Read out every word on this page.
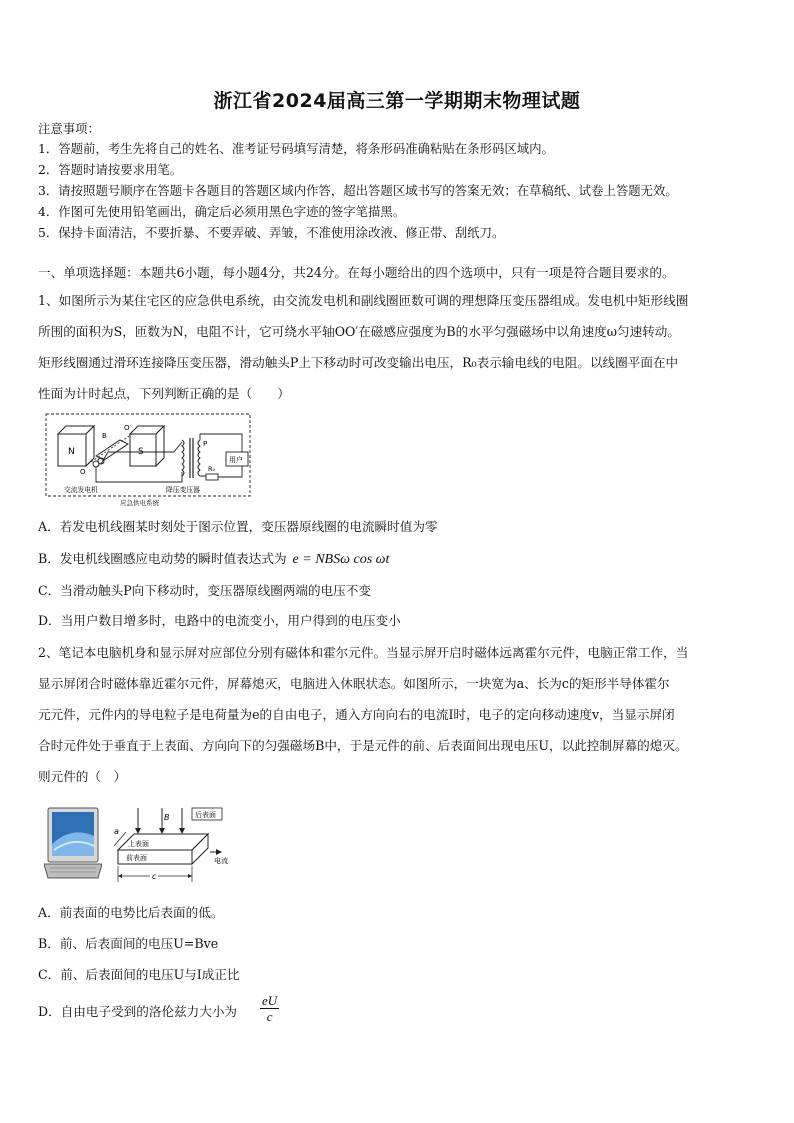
浙江省2024届高三第一学期期末物理试题
注意事项：
1．答题前，考生先将自己的姓名、准考证号码填写清楚，将条形码准确粘贴在条形码区域内。
2．答题时请按要求用笔。
3．请按照题号顺序在答题卡各题目的答题区域内作答，超出答题区域书写的答案无效；在草稿纸、试卷上答题无效。
4．作图可先使用铅笔画出，确定后必须用黑色字迹的签字笔描黑。
5．保持卡面清洁，不要折暴、不要弄破、弄皱，不准使用涂改液、修正带、刮纸刀。
一、单项选择题：本题共6小题，每小题4分，共24分。在每小题给出的四个选项中，只有一项是符合题目要求的。
1、如图所示为某住宅区的应急供电系统，由交流发电机和副线圈匝数可调的理想降压变压器组成。发电机中矩形线圈
所围的面积为S，匝数为N，电阻不计，它可绕水平轴OO′在磁感应强度为B的水平匀强磁场中以角速度ω匀速转动。
矩形线圈通过滑环连接降压变压器，滑动触头P上下移动时可改变输出电压，R₀表示输电线的电阻。以线圈平面在中
性面为计时起点，下列判断正确的是（　　）
N	S
B
O′
O
P
R₀
用户
交流发电机	降压变压器
应急供电系统
A．若发电机线圈某时刻处于图示位置，变压器原线圈的电流瞬时值为零
B．发电机线圈感应电动势的瞬时值表达式为 e = NBSω cos ωt
C．当滑动触头P向下移动时，变压器原线圈两端的电压不变
D．当用户数目增多时，电路中的电流变小，用户得到的电压变小
2、笔记本电脑机身和显示屏对应部位分别有磁体和霍尔元件。当显示屏开启时磁体远离霍尔元件，电脑正常工作，当
显示屏闭合时磁体靠近霍尔元件，屏幕熄灭，电脑进入休眠状态。如图所示，一块宽为a、长为c的矩形半导体霍尔
元元件，元件内的导电粒子是电荷量为e的自由电子，通入方向向右的电流I时，电子的定向移动速度v，当显示屏闭
合时元件处于垂直于上表面、方向向下的匀强磁场B中，于是元件的前、后表面间出现电压U，以此控制屏幕的熄灭。
则元件的（　）
B	后表面
上表面
前表面	电流
a
c
A．前表面的电势比后表面的低。
B．前、后表面间的电压U=Bve
C．前、后表面间的电压U与I成正比
D．自由电子受到的洛伦兹力大小为	$\frac{eU}{c}$
